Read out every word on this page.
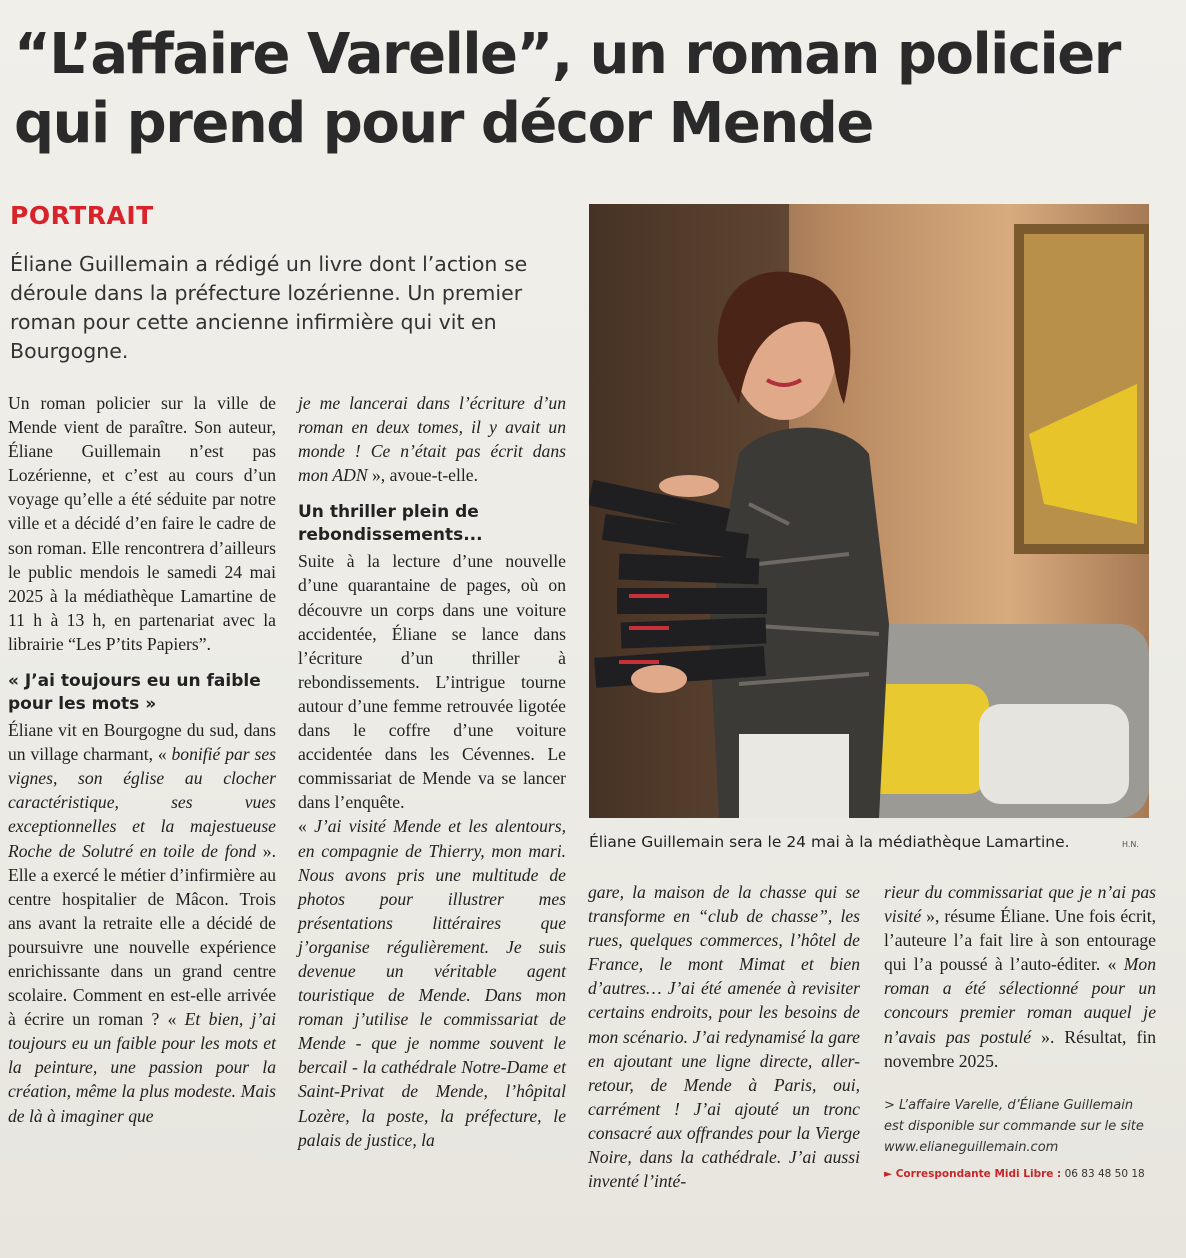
“L’affaire Varelle”, un roman policier qui prend pour décor Mende
PORTRAIT

Éliane Guillemain a rédigé un livre dont l’action se déroule dans la préfecture lozérienne. Un premier roman pour cette ancienne infirmière qui vit en Bourgogne.

Un roman policier sur la ville de Mende vient de paraître. Son auteur, Éliane Guillemain n’est pas Lozérienne, et c’est au cours d’un voyage qu’elle a été séduite par notre ville et a décidé d’en faire le cadre de son roman. Elle rencontrera d’ailleurs le public mendois le samedi 24 mai 2025 à la médiathèque Lamartine de 11 h à 13 h, en partenariat avec la librairie “Les P’tits Papiers”.

« J’ai toujours eu un faible pour les mots »

Éliane vit en Bourgogne du sud, dans un village charmant, « bonifié par ses vignes, son église au clocher caractéristique, ses vues exceptionnelles et la majestueuse Roche de Solutré en toile de fond ». Elle a exercé le métier d’infirmière au centre hospitalier de Mâcon. Trois ans avant la retraite elle a décidé de poursuivre une nouvelle expérience enrichissante dans un grand centre scolaire. Comment en est-elle arrivée à écrire un roman ? « Et bien, j’ai toujours eu un faible pour les mots et la peinture, une passion pour la création, même la plus modeste. Mais de là à imaginer que

je me lancerai dans l’écriture d’un roman en deux tomes, il y avait un monde ! Ce n’était pas écrit dans mon ADN », avoue-t-elle.

Un thriller plein de rebondissements...

Suite à la lecture d’une nouvelle d’une quarantaine de pages, où on découvre un corps dans une voiture accidentée, Éliane se lance dans l’écriture d’un thriller à rebondissements. L’intrigue tourne autour d’une femme retrouvée ligotée dans le coffre d’une voiture accidentée dans les Cévennes. Le commissariat de Mende va se lancer dans l’enquête.

« J’ai visité Mende et les alentours, en compagnie de Thierry, mon mari. Nous avons pris une multitude de photos pour illustrer mes présentations littéraires que j’organise régulièrement. Je suis devenue un véritable agent touristique de Mende. Dans mon roman j’utilise le commissariat de Mende - que je nomme souvent le bercail - la cathédrale Notre-Dame et Saint-Privat de Mende, l’hôpital Lozère, la poste, la préfecture, le palais de justice, la

Éliane Guillemain sera le 24 mai à la médiathèque Lamartine.	H.N.

gare, la maison de la chasse qui se transforme en “club de chasse”, les rues, quelques commerces, l’hôtel de France, le mont Mimat et bien d’autres… J’ai été amenée à revisiter certains endroits, pour les besoins de mon scénario. J’ai redynamisé la gare en ajoutant une ligne directe, aller-retour, de Mende à Paris, oui, carrément ! J’ai ajouté un tronc consacré aux offrandes pour la Vierge Noire, dans la cathédrale. J’ai aussi inventé l’inté-

rieur du commissariat que je n’ai pas visité », résume Éliane. Une fois écrit, l’auteure l’a fait lire à son entourage qui l’a poussé à l’auto-éditer. « Mon roman a été sélectionné pour un concours premier roman auquel je n’avais pas postulé ». Résultat, fin novembre 2025.

> L’affaire Varelle, d’Éliane Guillemain est disponible sur commande sur le site www.elianeguillemain.com

► Correspondante Midi Libre : 06 83 48 50 18
